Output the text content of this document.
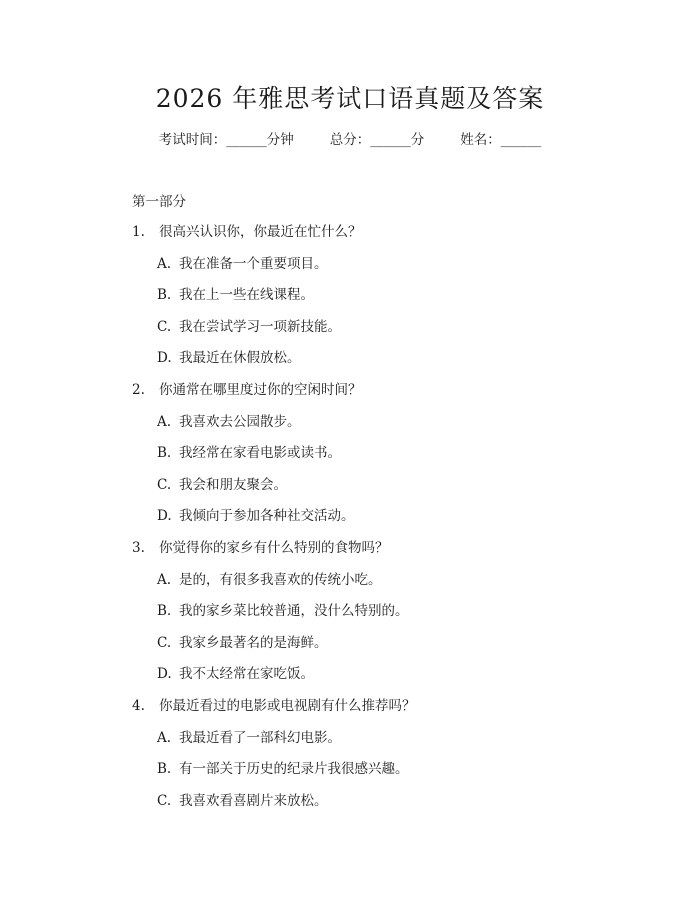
2026 年雅思考试口语真题及答案
考试时间：______分钟	总分：______分	姓名：______
第一部分
1.	很高兴认识你，你最近在忙什么？
A. 我在准备一个重要项目。
B. 我在上一些在线课程。
C. 我在尝试学习一项新技能。
D. 我最近在休假放松。
2.	你通常在哪里度过你的空闲时间？
A. 我喜欢去公园散步。
B. 我经常在家看电影或读书。
C. 我会和朋友聚会。
D. 我倾向于参加各种社交活动。
3.	你觉得你的家乡有什么特别的食物吗？
A. 是的，有很多我喜欢的传统小吃。
B. 我的家乡菜比较普通，没什么特别的。
C. 我家乡最著名的是海鲜。
D. 我不太经常在家吃饭。
4.	你最近看过的电影或电视剧有什么推荐吗？
A. 我最近看了一部科幻电影。
B. 有一部关于历史的纪录片我很感兴趣。
C. 我喜欢看喜剧片来放松。
